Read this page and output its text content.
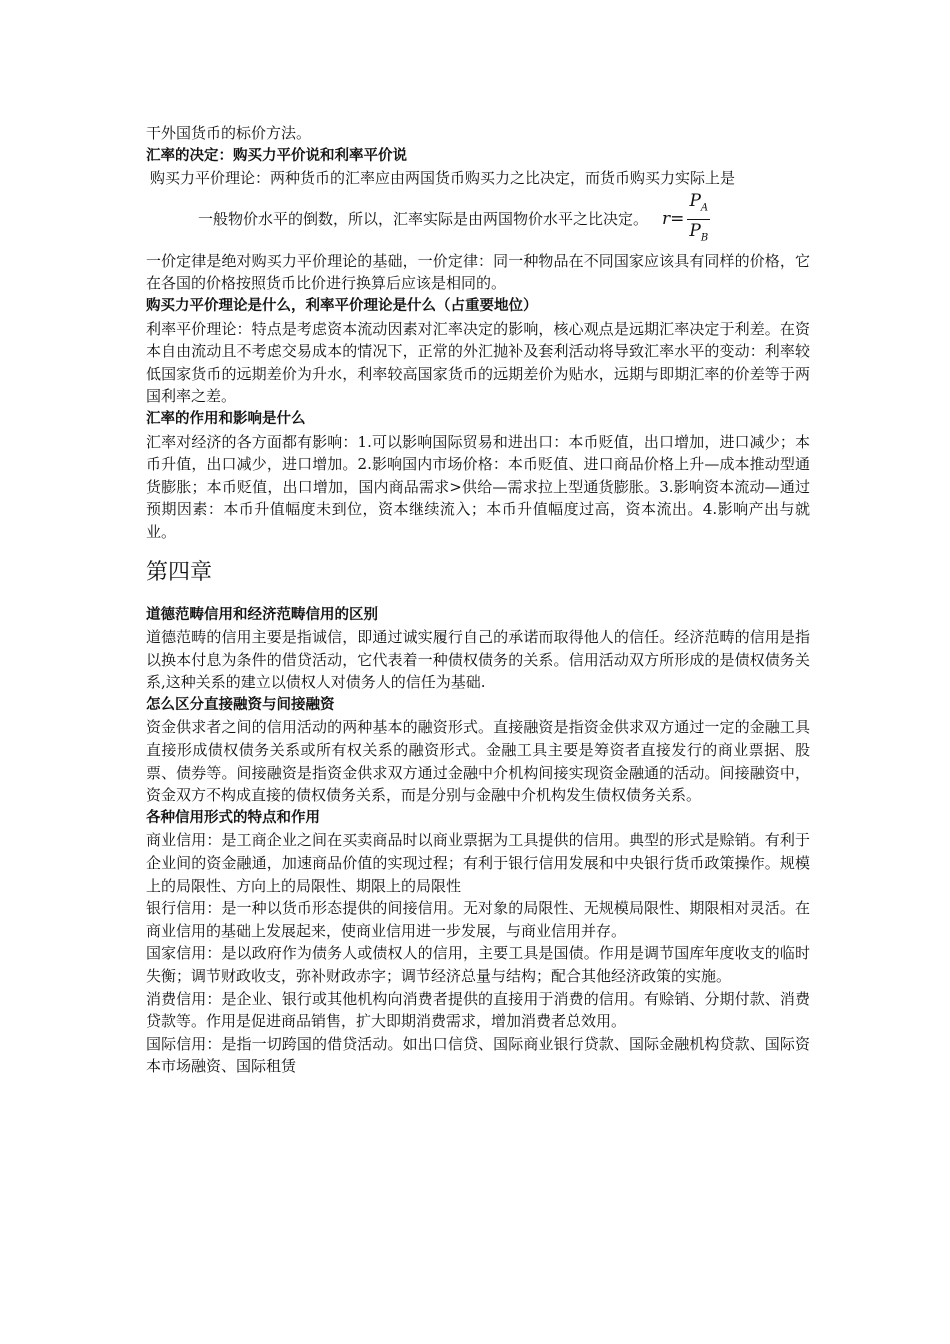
干外国货币的标价方法。

汇率的决定：购买力平价说和利率平价说

购买力平价理论：两种货币的汇率应由两国货币购买力之比决定，而货币购买力实际上是

一般物价水平的倒数，所以，汇率实际是由两国物价水平之比决定。 $r = \frac{P_A}{P_B}$

一价定律是绝对购买力平价理论的基础，一价定律：同一种物品在不同国家应该具有同样的价格，它在各国的价格按照货币比价进行换算后应该是相同的。

购买力平价理论是什么，利率平价理论是什么（占重要地位）

利率平价理论：特点是考虑资本流动因素对汇率决定的影响，核心观点是远期汇率决定于利差。在资本自由流动且不考虑交易成本的情况下，正常的外汇抛补及套利活动将导致汇率水平的变动：利率较低国家货币的远期差价为升水，利率较高国家货币的远期差价为贴水，远期与即期汇率的价差等于两国利率之差。

汇率的作用和影响是什么

汇率对经济的各方面都有影响：1.可以影响国际贸易和进出口：本币贬值，出口增加，进口减少；本币升值，出口减少，进口增加。2.影响国内市场价格：本币贬值、进口商品价格上升—成本推动型通货膨胀；本币贬值，出口增加，国内商品需求>供给—需求拉上型通货膨胀。3.影响资本流动—通过预期因素：本币升值幅度未到位，资本继续流入；本币升值幅度过高，资本流出。4.影响产出与就业。

第四章

道德范畴信用和经济范畴信用的区别

道德范畴的信用主要是指诚信，即通过诚实履行自己的承诺而取得他人的信任。经济范畴的信用是指以换本付息为条件的借贷活动，它代表着一种债权债务的关系。信用活动双方所形成的是债权债务关系,这种关系的建立以债权人对债务人的信任为基础.

怎么区分直接融资与间接融资

资金供求者之间的信用活动的两种基本的融资形式。直接融资是指资金供求双方通过一定的金融工具直接形成债权债务关系或所有权关系的融资形式。金融工具主要是筹资者直接发行的商业票据、股票、债券等。间接融资是指资金供求双方通过金融中介机构间接实现资金融通的活动。间接融资中，资金双方不构成直接的债权债务关系，而是分别与金融中介机构发生债权债务关系。

各种信用形式的特点和作用

商业信用：是工商企业之间在买卖商品时以商业票据为工具提供的信用。典型的形式是赊销。有利于企业间的资金融通，加速商品价值的实现过程；有利于银行信用发展和中央银行货币政策操作。规模上的局限性、方向上的局限性、期限上的局限性

银行信用：是一种以货币形态提供的间接信用。无对象的局限性、无规模局限性、期限相对灵活。在商业信用的基础上发展起来，使商业信用进一步发展，与商业信用并存。

国家信用：是以政府作为债务人或债权人的信用，主要工具是国债。作用是调节国库年度收支的临时失衡；调节财政收支，弥补财政赤字；调节经济总量与结构；配合其他经济政策的实施。

消费信用：是企业、银行或其他机构向消费者提供的直接用于消费的信用。有赊销、分期付款、消费贷款等。作用是促进商品销售，扩大即期消费需求，增加消费者总效用。

国际信用：是指一切跨国的借贷活动。如出口信贷、国际商业银行贷款、国际金融机构贷款、国际资本市场融资、国际租赁
